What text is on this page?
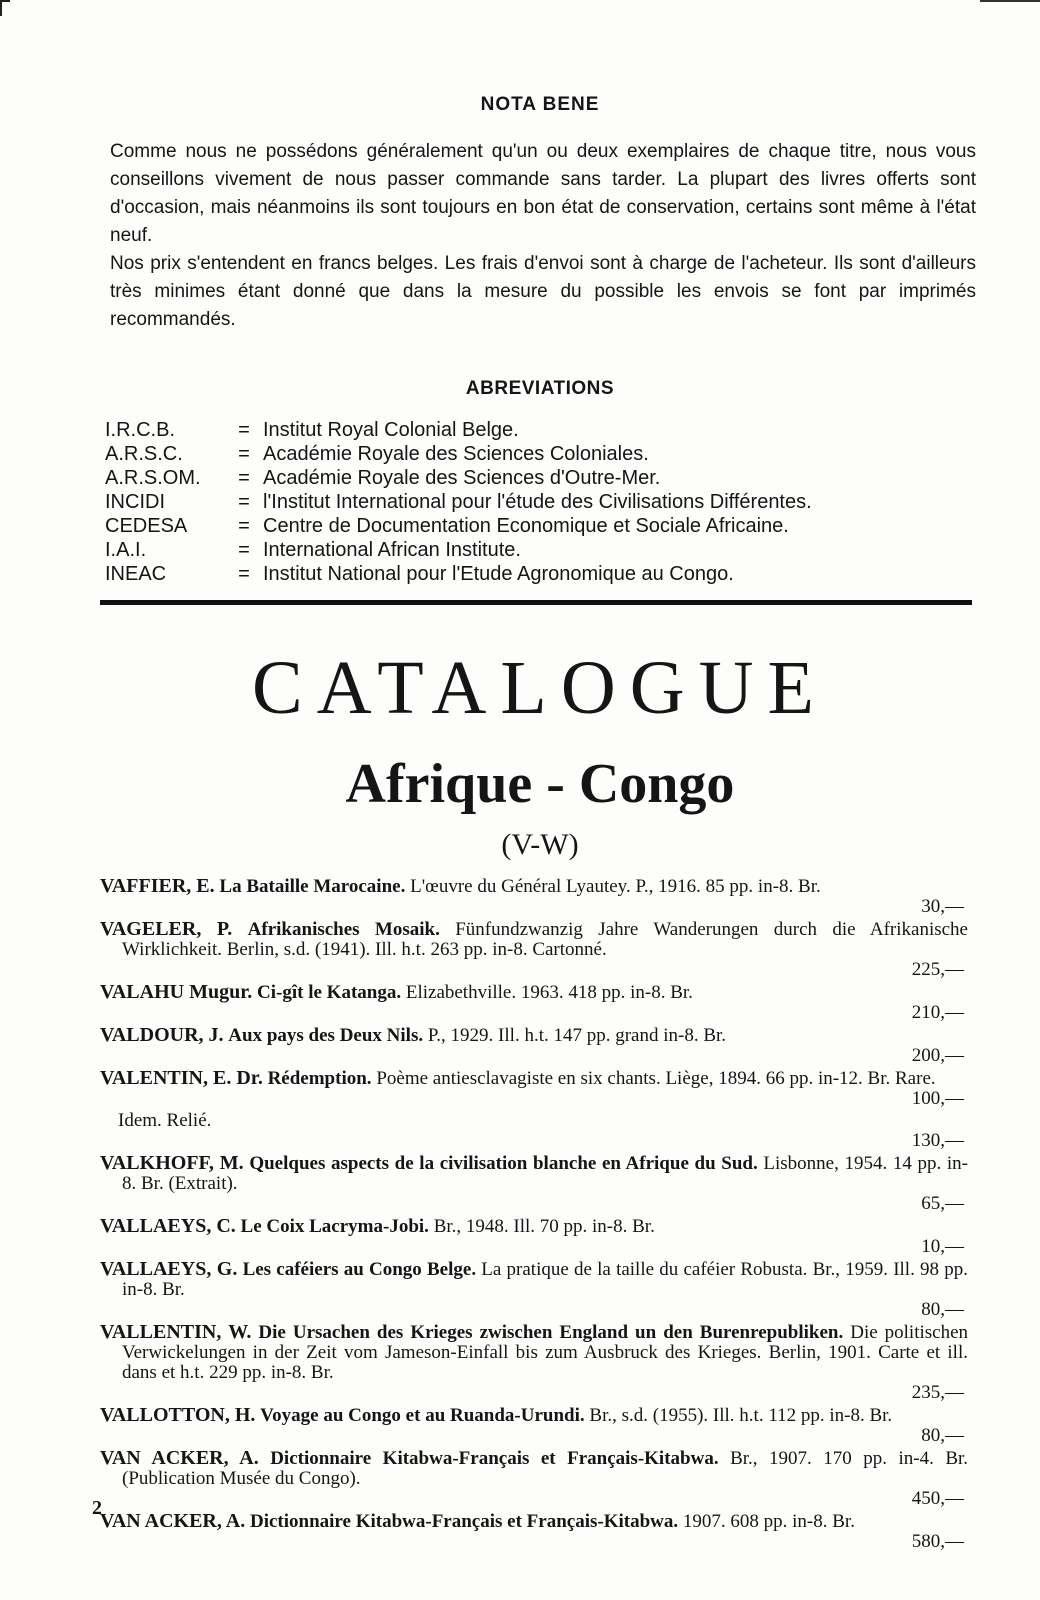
NOTA BENE

Comme nous ne possédons généralement qu'un ou deux exemplaires de chaque titre, nous vous conseillons vivement de nous passer commande sans tarder. La plupart des livres offerts sont d'occasion, mais néanmoins ils sont toujours en bon état de conservation, certains sont même à l'état neuf.

Nos prix s'entendent en francs belges. Les frais d'envoi sont à charge de l'acheteur. Ils sont d'ailleurs très minimes étant donné que dans la mesure du possible les envois se font par imprimés recommandés.

ABREVIATIONS
I.R.C.B.	= Institut Royal Colonial Belge.
A.R.S.C.	= Académie Royale des Sciences Coloniales.
A.R.S.OM.	= Académie Royale des Sciences d'Outre-Mer.
INCIDI	= l'Institut International pour l'étude des Civilisations Différentes.
CEDESA	= Centre de Documentation Economique et Sociale Africaine.
I.A.I.	= International African Institute.
INEAC	= Institut National pour l'Etude Agronomique au Congo.
CATALOGUE
Afrique - Congo
(V-W)
VAFFIER, E. La Bataille Marocaine. L'œuvre du Général Lyautey. P., 1916. 85 pp. in-8. Br.
30,—
VAGELER, P. Afrikanisches Mosaik. Fünfundzwanzig Jahre Wanderungen durch die Afrikanische Wirklichkeit. Berlin, s.d. (1941). Ill. h.t. 263 pp. in-8. Cartonné.
225,—
VALAHU Mugur. Ci-gît le Katanga. Elizabethville. 1963. 418 pp. in-8. Br.
210,—
VALDOUR, J. Aux pays des Deux Nils. P., 1929. Ill. h.t. 147 pp. grand in-8. Br.
200,—
VALENTIN, E. Dr. Rédemption. Poème antiesclavagiste en six chants. Liège, 1894. 66 pp. in-12. Br. Rare.
100,—
Idem. Relié.
130,—
VALKHOFF, M. Quelques aspects de la civilisation blanche en Afrique du Sud. Lisbonne, 1954. 14 pp. in-8. Br. (Extrait).
65,—
VALLAEYS, C. Le Coix Lacryma-Jobi. Br., 1948. Ill. 70 pp. in-8. Br.
10,—
VALLAEYS, G. Les caféiers au Congo Belge. La pratique de la taille du caféier Robusta. Br., 1959. Ill. 98 pp. in-8. Br.
80,—
VALLENTIN, W. Die Ursachen des Krieges zwischen England un den Burenrepubliken. Die politischen Verwickelungen in der Zeit vom Jameson-Einfall bis zum Ausbruck des Krieges. Berlin, 1901. Carte et ill. dans et h.t. 229 pp. in-8. Br.
235,—
VALLOTTON, H. Voyage au Congo et au Ruanda-Urundi. Br., s.d. (1955). Ill. h.t. 112 pp. in-8. Br.
80,—
VAN ACKER, A. Dictionnaire Kitabwa-Français et Français-Kitabwa. Br., 1907. 170 pp. in-4. Br. (Publication Musée du Congo).
450,—
VAN ACKER, A. Dictionnaire Kitabwa-Français et Français-Kitabwa. 1907. 608 pp. in-8. Br.
580,—
2
